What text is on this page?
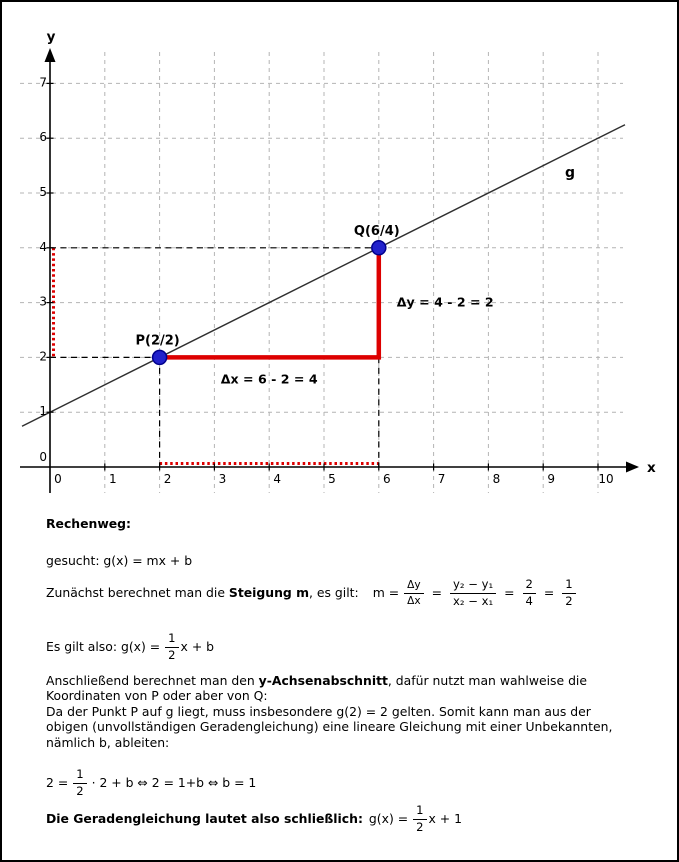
x
y
0	1	2	3	4	5	6	7	8	9	10
0
1
2
3
4
5
6
7
Δy = 4 - 2 = 2
Δx = 6 - 2 = 4
g
P(2/2)
Q(6/4)
Rechenweg:
gesucht: g(x) = mx + b
Zunächst berechnet man die Steigung m , es gilt: $m = \frac{\Delta y}{\Delta x} = \frac{\text{y₂ − y₁}}{\text{x₂ − x₁}} = \frac{2}{4} = \frac{1}{2}$
Es gilt also: $g(x) = \frac{1}{2}$ x + b
Anschließend berechnet man den y-Achsenabschnitt, dafür nutzt man wahlweise die
Koordinaten von P oder aber von Q:
Da der Punkt P auf g liegt, muss insbesondere g(2) = 2 gelten. Somit kann man aus der
obigen (unvollständigen Geradengleichung) eine lineare Gleichung mit einer Unbekannten,
nämlich b, ableiten:
$2 = \frac{1}{2} \cdot 2 + b$ ⇔ 2 = 1+b ⇔ b = 1
Die Geradengleichung lautet also schließlich: $g(x) = \frac{1}{2}$ x + 1
